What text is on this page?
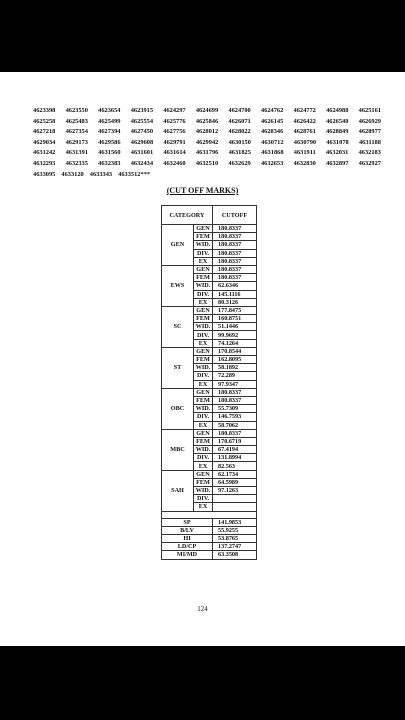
4623398 4623550 4623654 4623915 4624297 4624699 4624700 4624762 4624772 4624988 4625161
4625258 4625483 4625499 4625554 4625776 4625846 4626071 4626145 4626422 4626540 4626929
4627218 4627354 4627394 4627450 4627756 4628012 4628022 4628346 4628761 4628849 4628977
4629034 4629173 4629586 4629608 4629791 4629942 4630150 4630712 4630790 4631078 4631188
4631242 4631391 4631560 4631601 4631614 4631796 4631825 4631868 4631911 4632031 4632183
4632293 4632335 4632383 4632434 4632460 4632510 4632629 4632653 4632830 4632897 4632927
4633095 4633120 4633343 4633512***
(CUT OFF MARKS)
CATEGORY		CUTOFF
GEN	GEN	180.8337
	FEM	180.8337
	WID.	180.8337
	DIV.	180.8337
	EX	180.8337
EWS	GEN	180.8337
	FEM	180.8337
	WID.	62.6346
	DIV.	145.1116
	EX	80.3126
SC	GEN	177.8475
	FEM	160.8751
	WID.	51.1446
	DIV.	99.9692
	EX	74.1264
ST	GEN	170.8544
	FEM	162.8095
	WID.	58.1892
	DIV.	72.289
	EX	97.9347
OBC	GEN	180.8337
	FEM	180.8337
	WID.	55.7309
	DIV.	146.7593
	EX	58.7062
MBC	GEN	180.8337
	FEM	170.6719
	WID.	67.4194
	DIV.	131.8994
	EX	82.563
SAH	GEN	62.1734
	FEM	64.5989
	WID.	97.1263
	DIV.	
	EX	

SP		141.9853
B/LV		55.9255
HI		53.8765
LD/CP		137.2747
MI/MD		63.3508
124
